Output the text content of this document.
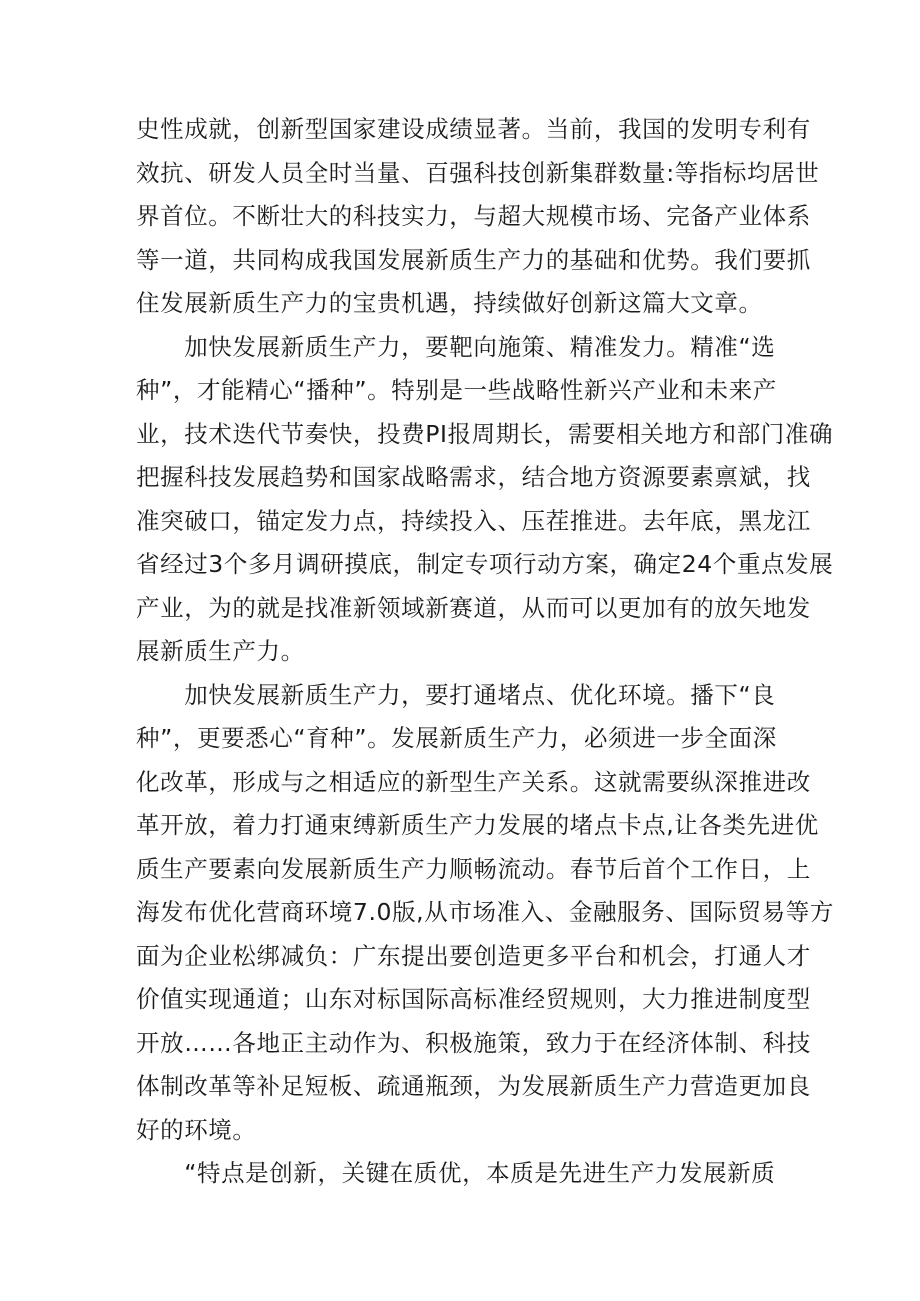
史性成就，创新型国家建设成绩显著。当前，我国的发明专利有
效抗、研发人员全时当量、百强科技创新集群数量:等指标均居世
界首位。不断壮大的科技实力，与超大规模市场、完备产业体系
等一道，共同构成我国发展新质生产力的基础和优势。我们要抓
住发展新质生产力的宝贵机遇，持续做好创新这篇大文章。
　　加快发展新质生产力，要靶向施策、精准发力。精准“选
种”，才能精心“播种”。特别是一些战略性新兴产业和未来产
业，技术迭代节奏快，投费PI报周期长，需要相关地方和部门准确
把握科技发展趋势和国家战略需求，结合地方资源要素禀斌，找
准突破口，锚定发力点，持续投入、压茬推进。去年底，黑龙江
省经过3个多月调研摸底，制定专项行动方案，确定24个重点发展
产业，为的就是找准新领域新赛道，从而可以更加有的放矢地发
展新质生产力。
　　加快发展新质生产力，要打通堵点、优化环境。播下“良
种”，更要悉心“育种”。发展新质生产力，必须进一步全面深
化改革，形成与之相适应的新型生产关系。这就需要纵深推进改
革开放，着力打通束缚新质生产力发展的堵点卡点,让各类先进优
质生产要素向发展新质生产力顺畅流动。春节后首个工作日，上
海发布优化营商环境7.0版,从市场准入、金融服务、国际贸易等方
面为企业松绑减负：广东提出要创造更多平台和机会，打通人才
价值实现通道；山东对标国际高标准经贸规则，大力推进制度型
开放……各地正主动作为、积极施策，致力于在经济体制、科技
体制改革等补足短板、疏通瓶颈，为发展新质生产力营造更加良
好的环境。
　　“特点是创新，关键在质优，本质是先进生产力发展新质
